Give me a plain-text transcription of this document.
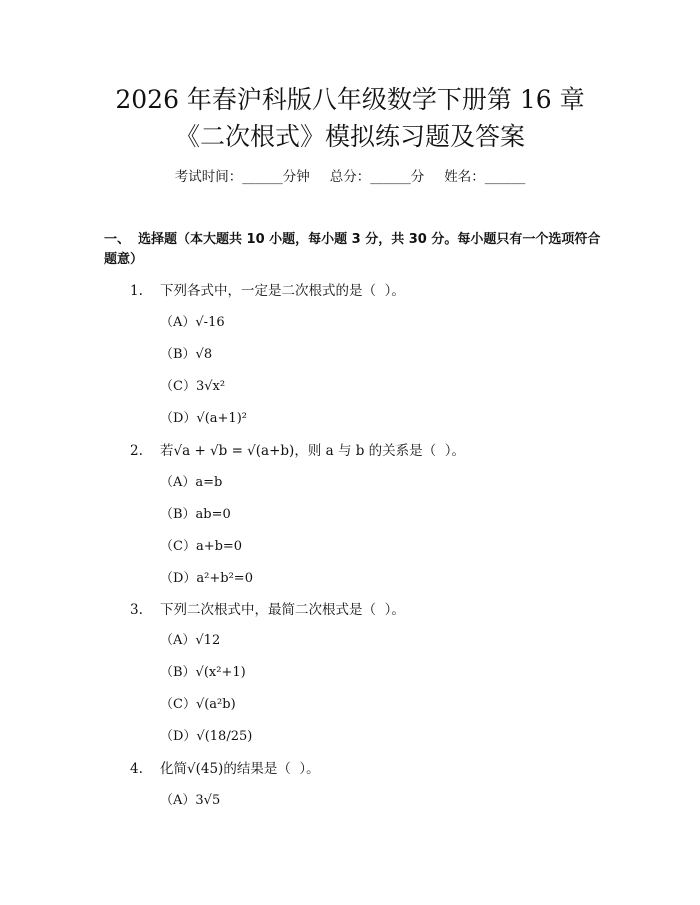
2026 年春沪科版八年级数学下册第 16 章
《二次根式》模拟练习题及答案
考试时间：______分钟 总分：______分 姓名：______
一、 选择题（本大题共 10 小题，每小题 3 分，共 30 分。每小题只有一个选项符合题意）
1. 下列各式中，一定是二次根式的是（  ）。
（A）√-16
（B）√8
（C）3√x²
（D）√(a+1)²
2. 若√a + √b = √(a+b)，则 a 与 b 的关系是（  ）。
（A）a=b
（B）ab=0
（C）a+b=0
（D）a²+b²=0
3. 下列二次根式中，最简二次根式是（  ）。
（A）√12
（B）√(x²+1)
（C）√(a²b)
（D）√(18/25)
4. 化简√(45)的结果是（  ）。
（A）3√5
